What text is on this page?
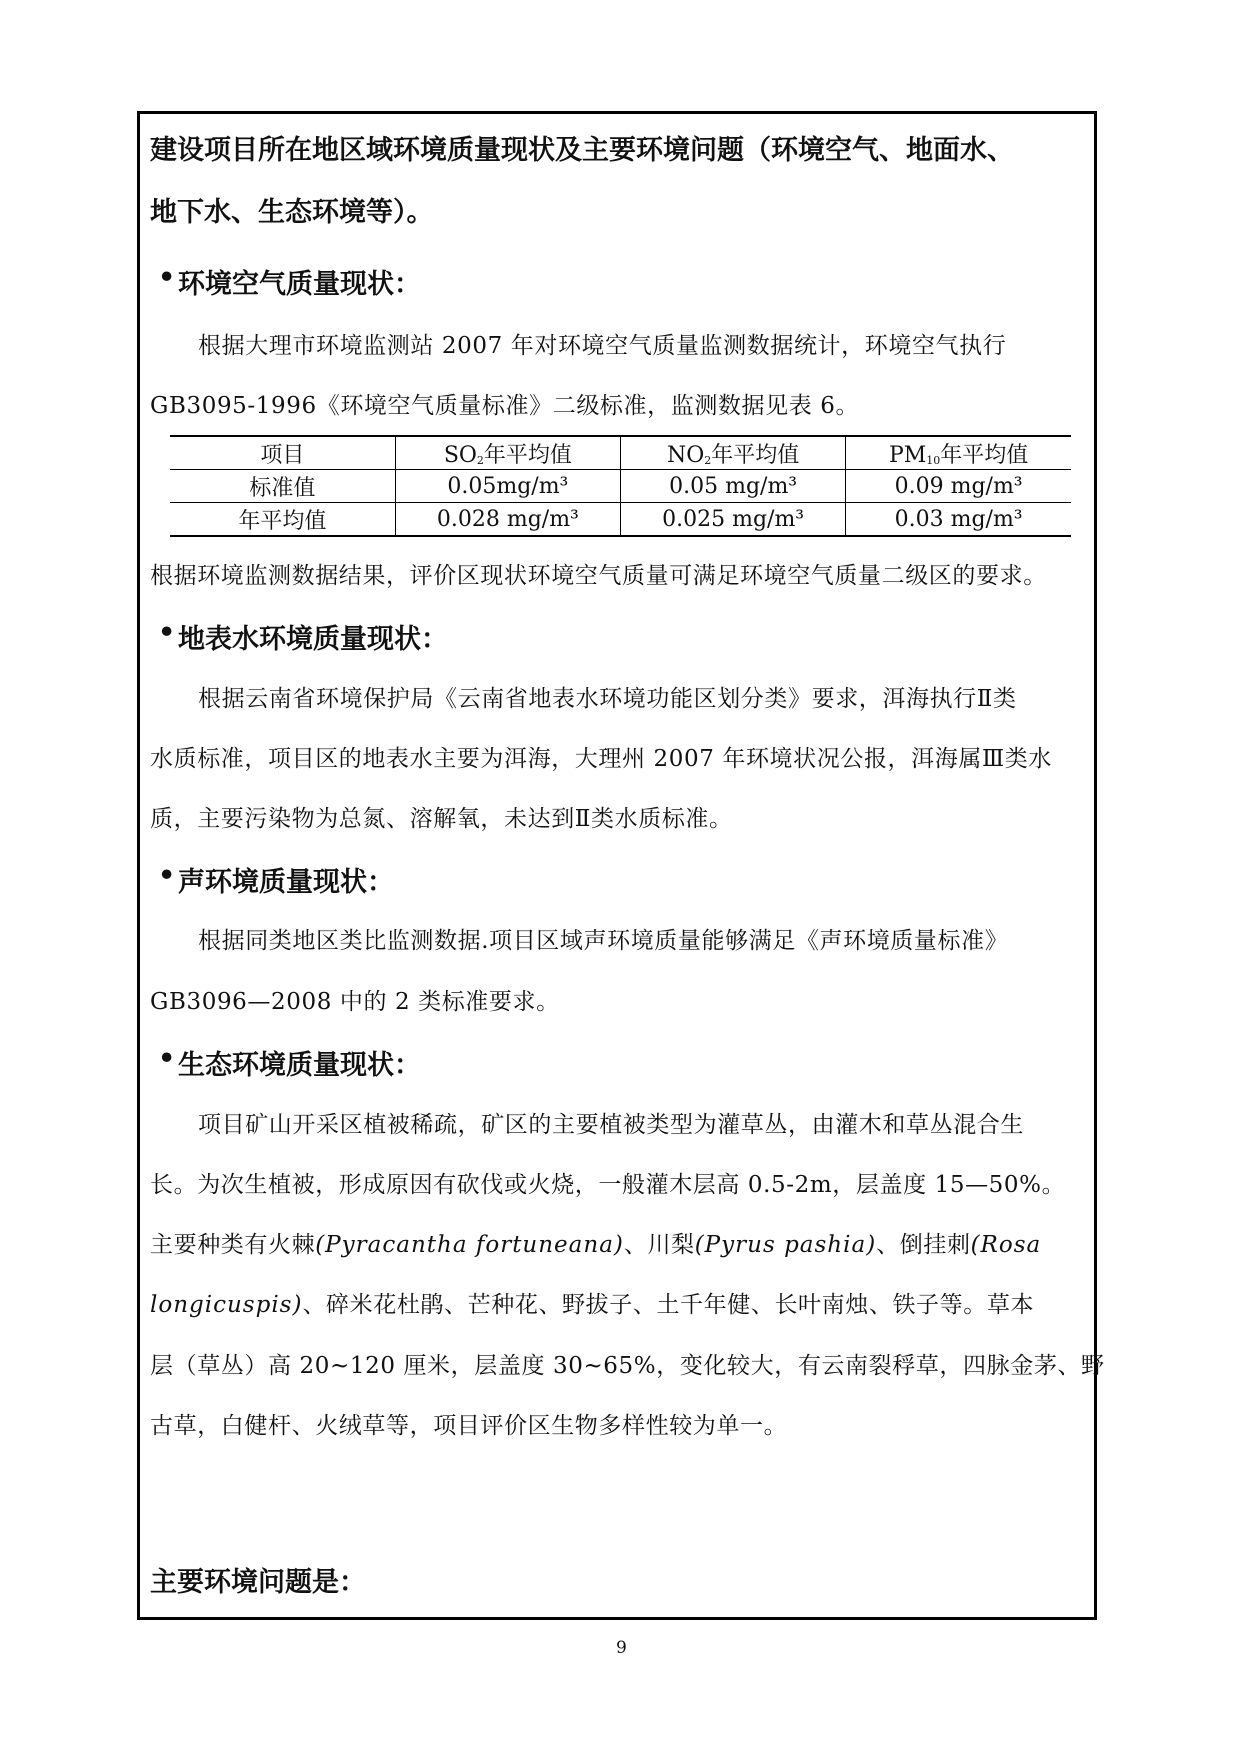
建设项目所在地区域环境质量现状及主要环境问题（环境空气、地面水、
地下水、生态环境等）。
• 环境空气质量现状：
根据大理市环境监测站 2007 年对环境空气质量监测数据统计，环境空气执行
GB3095-1996《环境空气质量标准》二级标准，监测数据见表 6。
项目	$SO_2$年平均值	$NO_2$年平均值	$PM_{10}$年平均值
标准值	0.05mg/m³	0.05 mg/m³	0.09 mg/m³
年平均值	0.028 mg/m³	0.025 mg/m³	0.03 mg/m³
根据环境监测数据结果，评价区现状环境空气质量可满足环境空气质量二级区的要求。
• 地表水环境质量现状：
根据云南省环境保护局《云南省地表水环境功能区划分类》要求，洱海执行Ⅱ类
水质标准，项目区的地表水主要为洱海，大理州 2007 年环境状况公报，洱海属Ⅲ类水
质，主要污染物为总氮、溶解氧，未达到Ⅱ类水质标准。
• 声环境质量现状：
根据同类地区类比监测数据.项目区域声环境质量能够满足《声环境质量标准》
GB3096—2008 中的 2 类标准要求。
• 生态环境质量现状：
项目矿山开采区植被稀疏，矿区的主要植被类型为灌草丛，由灌木和草丛混合生
长。为次生植被，形成原因有砍伐或火烧，一般灌木层高 0.5-2m，层盖度 15—50%。
主要种类有火棘(Pyracantha fortuneana)、川梨(Pyrus pashia)、倒挂刺(Rosa
longicuspis)、碎米花杜鹃、芒种花、野拔子、土千年健、长叶南烛、铁子等。草本
层（草丛）高 20~120 厘米，层盖度 30~65%，变化较大，有云南裂稃草，四脉金茅、野
古草，白健杆、火绒草等，项目评价区生物多样性较为单一。
主要环境问题是：
9
